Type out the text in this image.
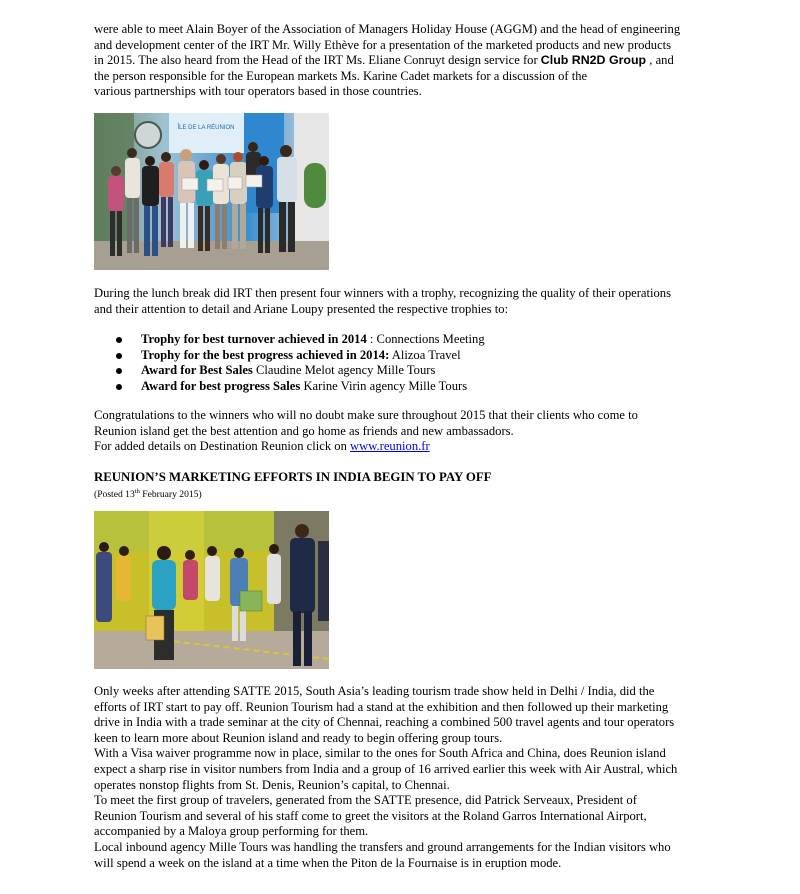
were able to meet Alain Boyer of the Association of Managers Holiday House (AGGM) and the head of engineering
and development center of the IRT Mr. Willy Ethève for a presentation of the marketed products and new products
in 2015. The also heard from the Head of the IRT Ms. Eliane Conruyt design service for Club RN2D Group , and
the person responsible for the European markets Ms. Karine Cadet markets for a discussion of the
various partnerships with tour operators based in those countries.

During the lunch break did IRT then present four winners with a trophy, recognizing the quality of their operations
and their attention to detail and Ariane Loupy presented the respective trophies to:

Trophy for best turnover achieved in 2014 : Connections Meeting
Trophy for the best progress achieved in 2014: Alizoa Travel
Award for Best Sales Claudine Melot agency Mille Tours
Award for best progress Sales Karine Virin agency Mille Tours

Congratulations to the winners who will no doubt make sure throughout 2015 that their clients who come to
Reunion island get the best attention and go home as friends and new ambassadors.
For added details on Destination Reunion click on www.reunion.fr

REUNION’S MARKETING EFFORTS IN INDIA BEGIN TO PAY OFF

(Posted 13th February 2015)

Only weeks after attending SATTE 2015, South Asia’s leading tourism trade show held in Delhi / India, did the
efforts of IRT start to pay off. Reunion Tourism had a stand at the exhibition and then followed up their marketing
drive in India with a trade seminar at the city of Chennai, reaching a combined 500 travel agents and tour operators
keen to learn more about Reunion island and ready to begin offering group tours.

With a Visa waiver programme now in place, similar to the ones for South Africa and China, does Reunion island
expect a sharp rise in visitor numbers from India and a group of 16 arrived earlier this week with Air Austral, which
operates nonstop flights from St. Denis, Reunion’s capital, to Chennai.

To meet the first group of travelers, generated from the SATTE presence, did Patrick Serveaux, President of
Reunion Tourism and several of his staff come to greet the visitors at the Roland Garros International Airport,
accompanied by a Maloya group performing for them.

Local inbound agency Mille Tours was handling the transfers and ground arrangements for the Indian visitors who
will spend a week on the island at a time when the Piton de la Fournaise is in eruption mode.

ÎLE DE LA RÉUNION
